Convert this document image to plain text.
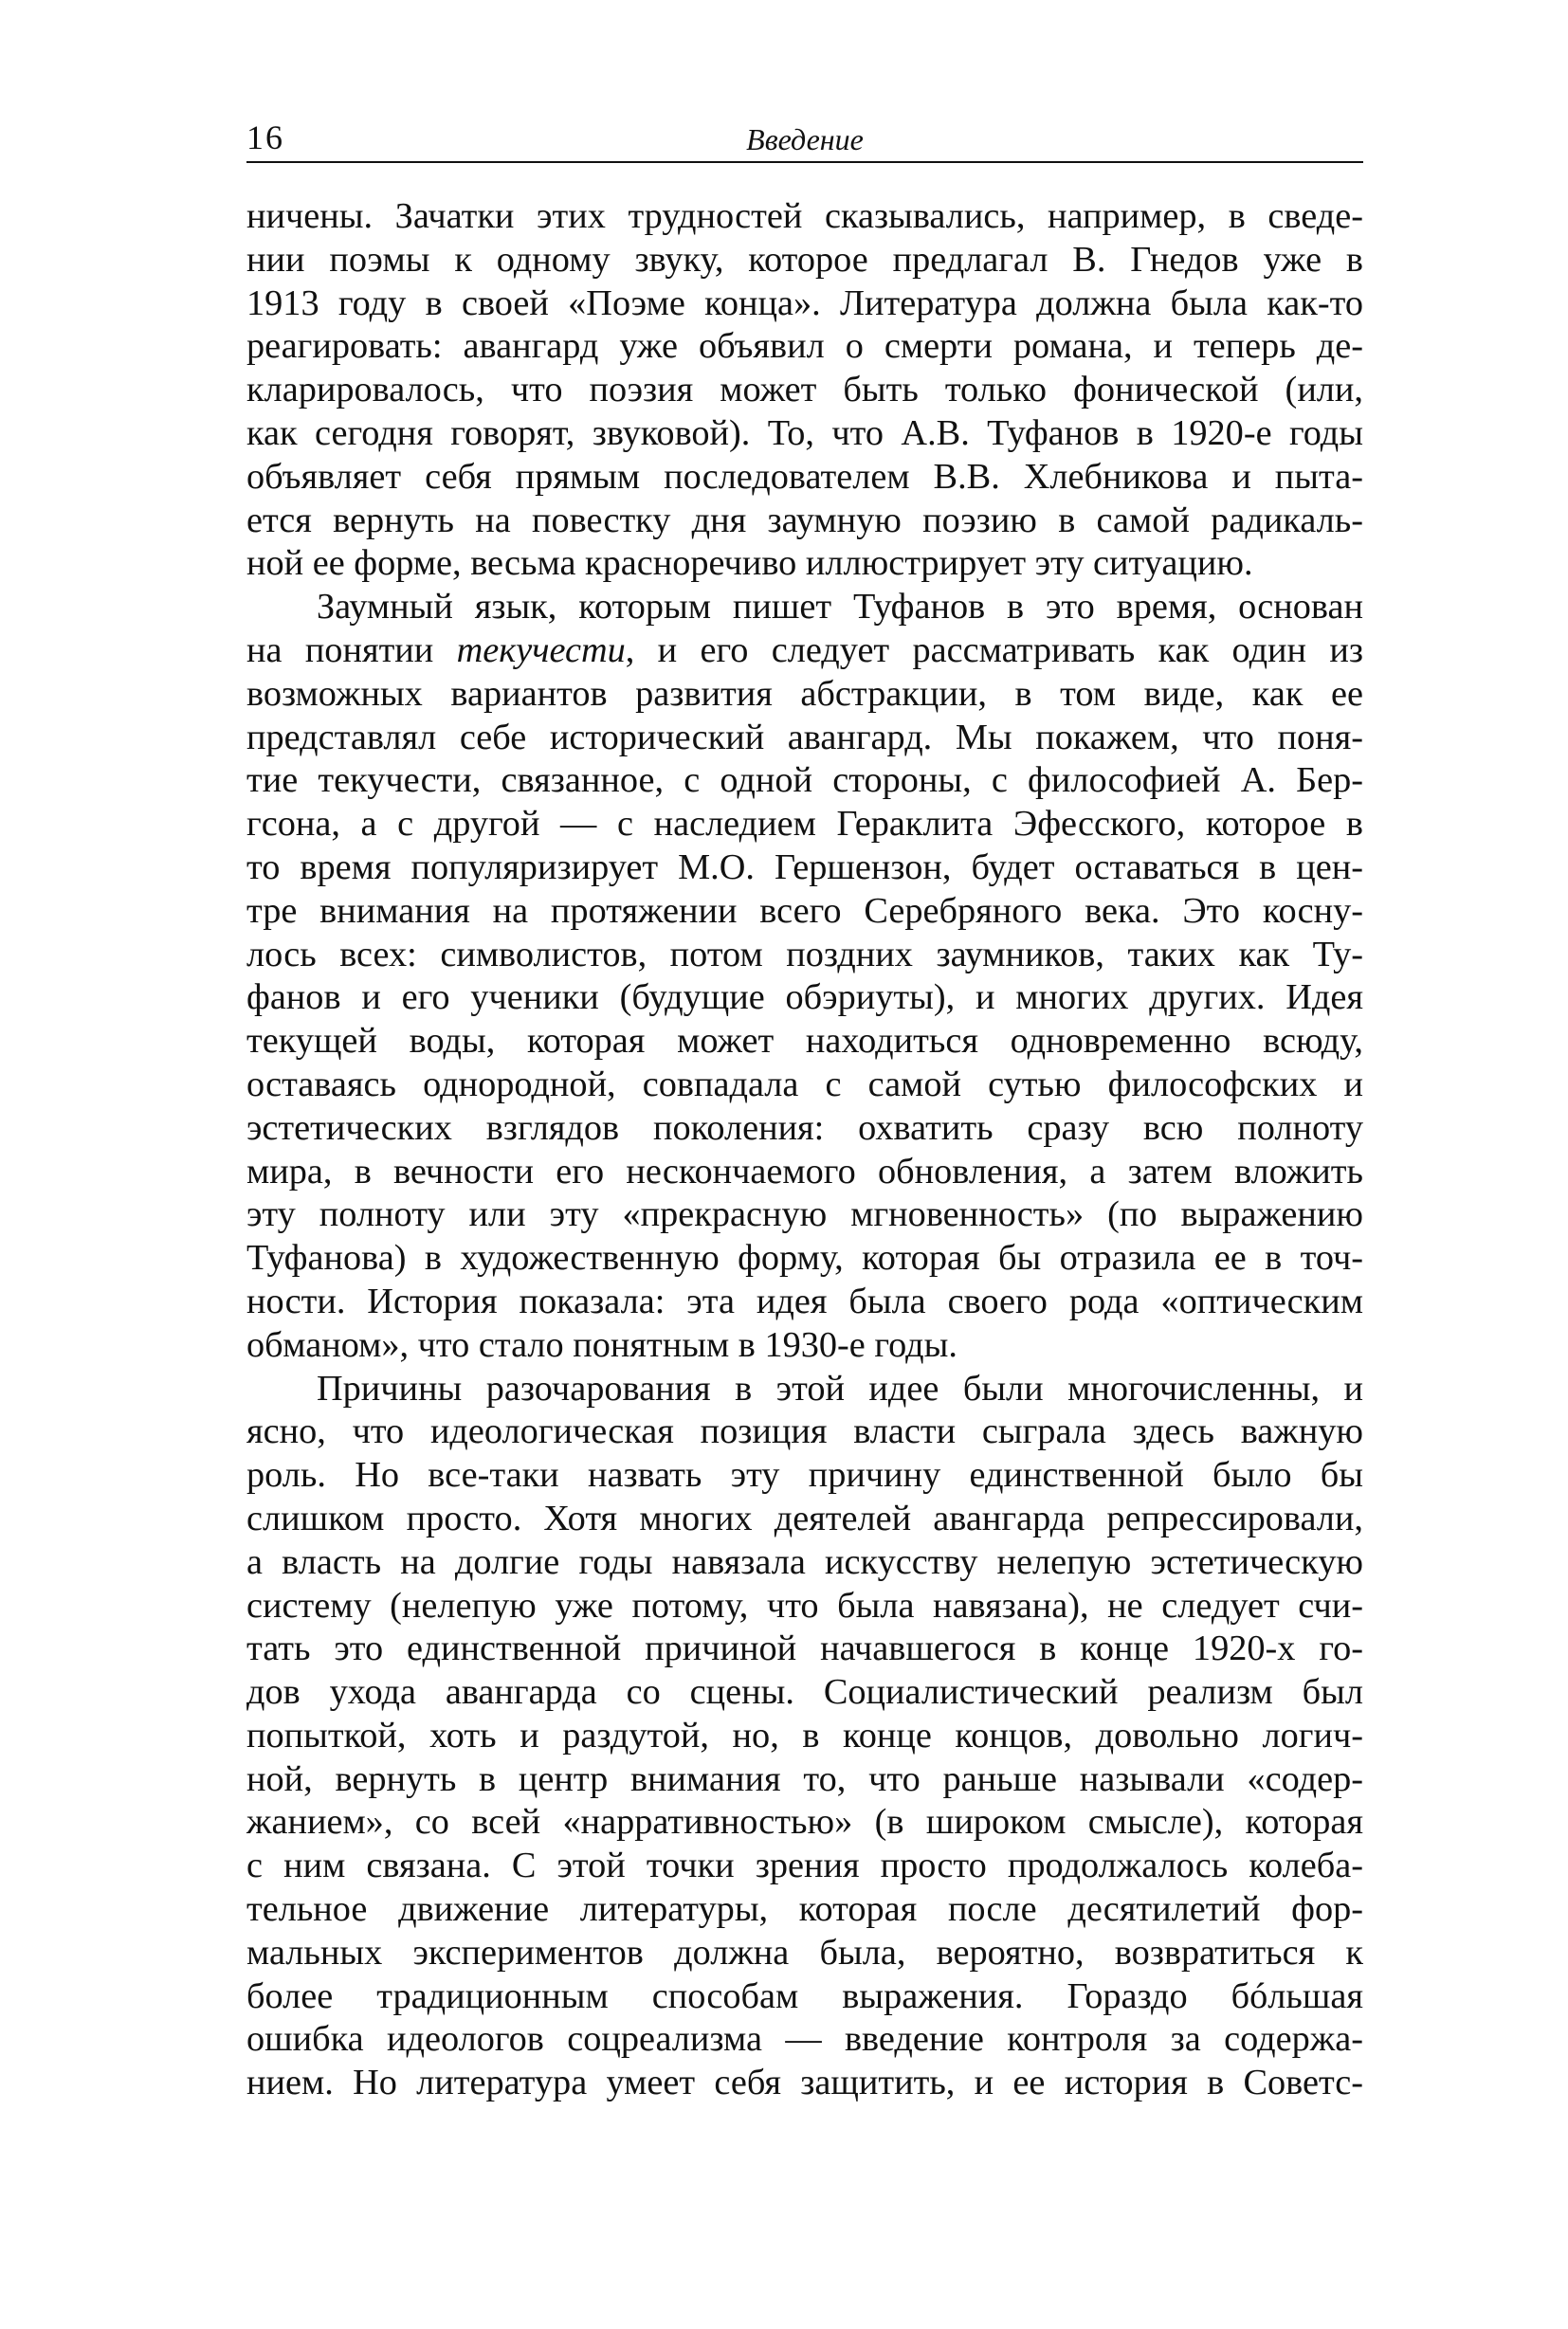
16	Введение

ничены. Зачатки этих трудностей сказывались, например, в сведе-
нии поэмы к одному звуку, которое предлагал В. Гнедов уже в
1913 году в своей «Поэме конца». Литература должна была как-то
реагировать: авангард уже объявил о смерти романа, и теперь де-
кларировалось, что поэзия может быть только фонической (или,
как сегодня говорят, звуковой). То, что А.В. Туфанов в 1920-е годы
объявляет себя прямым последователем В.В. Хлебникова и пыта-
ется вернуть на повестку дня заумную поэзию в самой радикаль-
ной ее форме, весьма красноречиво иллюстрирует эту ситуацию.

Заумный язык, которым пишет Туфанов в это время, основан
на понятии текучести, и его следует рассматривать как один из
возможных вариантов развития абстракции, в том виде, как ее
представлял себе исторический авангард. Мы покажем, что поня-
тие текучести, связанное, с одной стороны, с философией А. Бер-
гсона, а с другой — с наследием Гераклита Эфесского, которое в
то время популяризирует М.О. Гершензон, будет оставаться в цен-
тре внимания на протяжении всего Серебряного века. Это косну-
лось всех: символистов, потом поздних заумников, таких как Ту-
фанов и его ученики (будущие обэриуты), и многих других. Идея
текущей воды, которая может находиться одновременно всюду,
оставаясь однородной, совпадала с самой сутью философских и
эстетических взглядов поколения: охватить сразу всю полноту
мира, в вечности его нескончаемого обновления, а затем вложить
эту полноту или эту «прекрасную мгновенность» (по выражению
Туфанова) в художественную форму, которая бы отразила ее в точ-
ности. История показала: эта идея была своего рода «оптическим
обманом», что стало понятным в 1930-е годы.

Причины разочарования в этой идее были многочисленны, и
ясно, что идеологическая позиция власти сыграла здесь важную
роль. Но все-таки назвать эту причину единственной было бы
слишком просто. Хотя многих деятелей авангарда репрессировали,
а власть на долгие годы навязала искусству нелепую эстетическую
систему (нелепую уже потому, что была навязана), не следует счи-
тать это единственной причиной начавшегося в конце 1920-х го-
дов ухода авангарда со сцены. Социалистический реализм был
попыткой, хоть и раздутой, но, в конце концов, довольно логич-
ной, вернуть в центр внимания то, что раньше называли «содер-
жанием», со всей «нарративностью» (в широком смысле), которая
с ним связана. С этой точки зрения просто продолжалось колеба-
тельное движение литературы, которая после десятилетий фор-
мальных экспериментов должна была, вероятно, возвратиться к
более традиционным способам выражения. Гораздо бóльшая
ошибка идеологов соцреализма — введение контроля за содержа-
нием. Но литература умеет себя защитить, и ее история в Советс-
